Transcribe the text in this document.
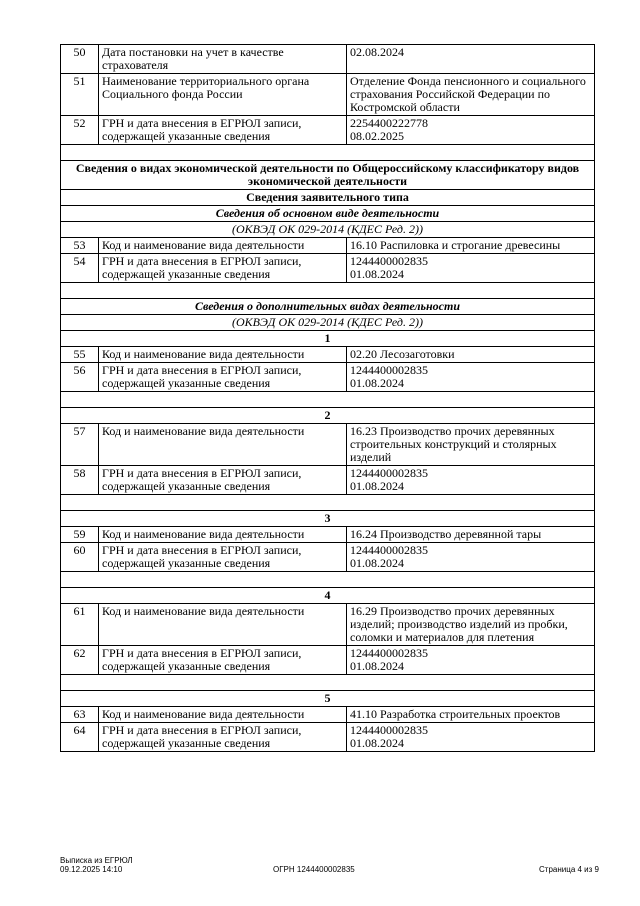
50	Дата постановки на учет в качестве страхователя	02.08.2024

51	Наименование территориального органа Социального фонда России	Отделение Фонда пенсионного и социального страхования Российской Федерации по Костромской области

52	ГРН и дата внесения в ЕГРЮЛ записи, содержащей указанные сведения	2254400222778
08.02.2025

Сведения о видах экономической деятельности по Общероссийскому классификатору видов экономической деятельности		
Сведения заявительного типа		
Сведения об основном виде деятельности		
(ОКВЭД ОК 029-2014 (КДЕС Ред. 2))		
53	Код и наименование вида деятельности	16.10 Распиловка и строгание древесины

54	ГРН и дата внесения в ЕГРЮЛ записи, содержащей указанные сведения	1244400002835
01.08.2024

Сведения о дополнительных видах деятельности		
(ОКВЭД ОК 029-2014 (КДЕС Ред. 2))		
1		
55	Код и наименование вида деятельности	02.20 Лесозаготовки

56	ГРН и дата внесения в ЕГРЮЛ записи, содержащей указанные сведения	1244400002835
01.08.2024

2		
57	Код и наименование вида деятельности	16.23 Производство прочих деревянных строительных конструкций и столярных изделий

58	ГРН и дата внесения в ЕГРЮЛ записи, содержащей указанные сведения	1244400002835
01.08.2024

3		
59	Код и наименование вида деятельности	16.24 Производство деревянной тары

60	ГРН и дата внесения в ЕГРЮЛ записи, содержащей указанные сведения	1244400002835
01.08.2024

4		
61	Код и наименование вида деятельности	16.29 Производство прочих деревянных изделий; производство изделий из пробки, соломки и материалов для плетения

62	ГРН и дата внесения в ЕГРЮЛ записи, содержащей указанные сведения	1244400002835
01.08.2024

5		
63	Код и наименование вида деятельности	41.10 Разработка строительных проектов

64	ГРН и дата внесения в ЕГРЮЛ записи, содержащей указанные сведения	1244400002835
01.08.2024
Выписка из ЕГРЮЛ
09.12.2025 14:10	ОГРН 1244400002835	Страница 4 из 9
